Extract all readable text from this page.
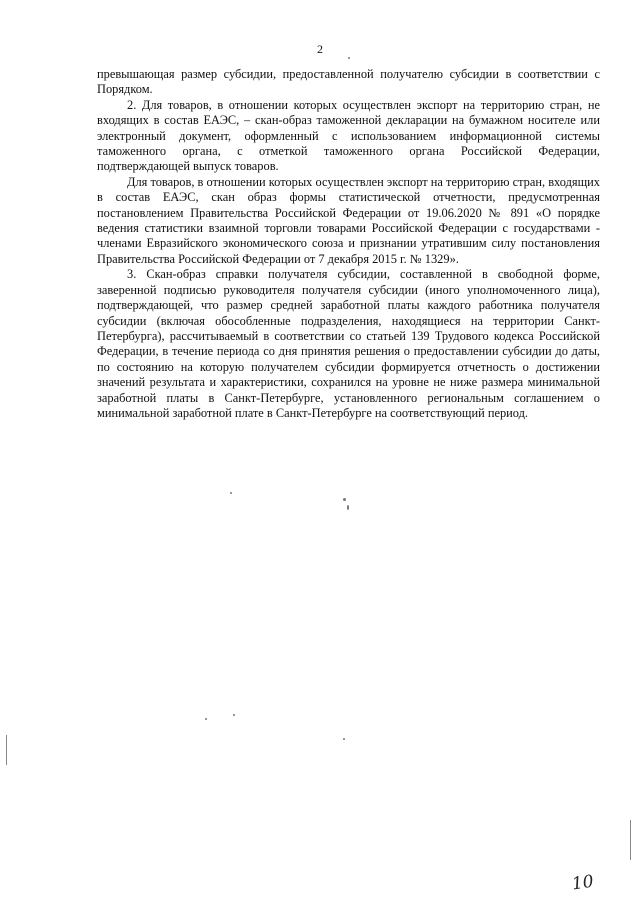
2

превышающая размер субсидии, предоставленной получателю субсидии в соответствии с Порядком.

2. Для товаров, в отношении которых осуществлен экспорт на территорию стран, не входящих в состав ЕАЭС, – скан-образ таможенной декларации на бумажном носителе или электронный документ, оформленный с использованием информационной системы таможенного органа, с отметкой таможенного органа Российской Федерации, подтверждающей выпуск товаров.

Для товаров, в отношении которых осуществлен экспорт на территорию стран, входящих в состав ЕАЭС, скан образ формы статистической отчетности, предусмотренная постановлением Правительства Российской Федерации от 19.06.2020 № 891 «О порядке ведения статистики взаимной торговли товарами Российской Федерации с государствами - членами Евразийского экономического союза и признании утратившим силу постановления Правительства Российской Федерации от 7 декабря 2015 г. № 1329».

3. Скан-образ справки получателя субсидии, составленной в свободной форме, заверенной подписью руководителя получателя субсидии (иного уполномоченного лица), подтверждающей, что размер средней заработной платы каждого работника получателя субсидии (включая обособленные подразделения, находящиеся на территории Санкт-Петербурга), рассчитываемый в соответствии со статьей 139 Трудового кодекса Российской Федерации, в течение периода со дня принятия решения о предоставлении субсидии до даты, по состоянию на которую получателем субсидии формируется отчетность о достижении значений результата и характеристики, сохранился на уровне не ниже размера минимальной заработной платы в Санкт-Петербурге, установленного региональным соглашением о минимальной заработной плате в Санкт-Петербурге на соответствующий период.

10
